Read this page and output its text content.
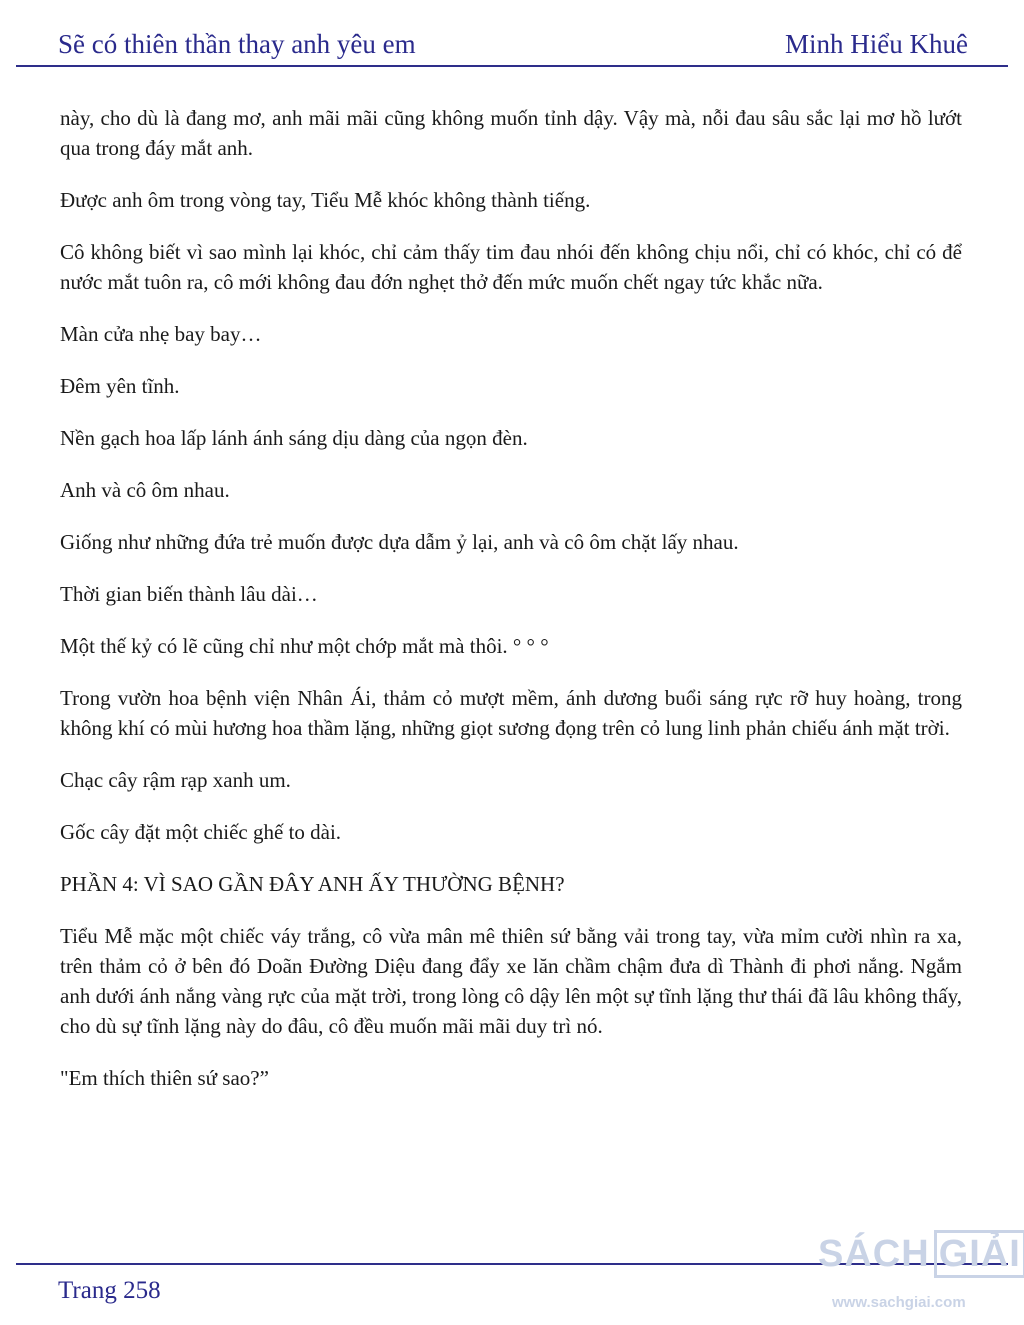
Sẽ có thiên thần thay anh yêu em	Minh Hiểu Khuê

này, cho dù là đang mơ, anh mãi mãi cũng không muốn tỉnh dậy. Vậy mà, nỗi đau sâu sắc lại mơ hồ lướt qua trong đáy mắt anh.

Được anh ôm trong vòng tay, Tiểu Mễ khóc không thành tiếng.

Cô không biết vì sao mình lại khóc, chỉ cảm thấy tim đau nhói đến không chịu nổi, chỉ có khóc, chỉ có để nước mắt tuôn ra, cô mới không đau đớn nghẹt thở đến mức muốn chết ngay tức khắc nữa.

Màn cửa nhẹ bay bay…

Đêm yên tĩnh.

Nền gạch hoa lấp lánh ánh sáng dịu dàng của ngọn đèn.

Anh và cô ôm nhau.

Giống như những đứa trẻ muốn được dựa dẫm ỷ lại, anh và cô ôm chặt lấy nhau.

Thời gian biến thành lâu dài…

Một thế kỷ có lẽ cũng chỉ như một chớp mắt mà thôi. ° ° °

Trong vườn hoa bệnh viện Nhân Ái, thảm cỏ mượt mềm, ánh dương buổi sáng rực rỡ huy hoàng, trong không khí có mùi hương hoa thầm lặng, những giọt sương đọng trên cỏ lung linh phản chiếu ánh mặt trời.

Chạc cây rậm rạp xanh um.

Gốc cây đặt một chiếc ghế to dài.

PHẦN 4: VÌ SAO GẦN ĐÂY ANH ẤY THƯỜNG BỆNH?

Tiểu Mễ mặc một chiếc váy trắng, cô vừa mân mê thiên sứ bằng vải trong tay, vừa mỉm cười nhìn ra xa, trên thảm cỏ ở bên đó Doãn Đường Diệu đang đẩy xe lăn chầm chậm đưa dì Thành đi phơi nắng. Ngắm anh dưới ánh nắng vàng rực của mặt trời, trong lòng cô dậy lên một sự tĩnh lặng thư thái đã lâu không thấy, cho dù sự tĩnh lặng này do đâu, cô đều muốn mãi mãi duy trì nó.

"Em thích thiên sứ sao?”

Trang 258
SÁCH GIẢI
www.sachgiai.com
